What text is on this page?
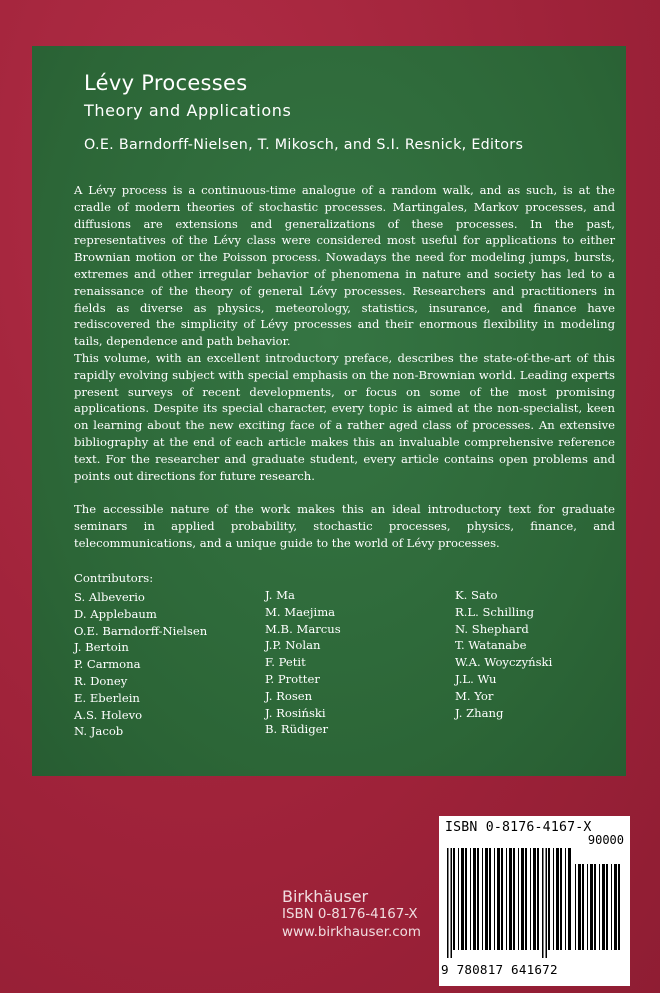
Lévy Processes
Theory and Applications
O.E. Barndorff-Nielsen, T. Mikosch, and S.I. Resnick, Editors

A Lévy process is a continuous-time analogue of a random walk, and as such, is at the cradle of modern theories of stochastic processes. Martingales, Markov processes, and diffusions are extensions and generalizations of these processes. In the past, representatives of the Lévy class were considered most useful for applications to either Brownian motion or the Poisson process. Nowadays the need for modeling jumps, bursts, extremes and other irregular behavior of phenomena in nature and society has led to a renaissance of the theory of general Lévy processes. Researchers and practitioners in fields as diverse as physics, meteorology, statistics, insurance, and finance have rediscovered the simplicity of Lévy processes and their enormous flexibility in modeling tails, dependence and path behavior.

This volume, with an excellent introductory preface, describes the state-of-the-art of this rapidly evolving subject with special emphasis on the non-Brownian world. Leading experts present surveys of recent developments, or focus on some of the most promising applications. Despite its special character, every topic is aimed at the non-specialist, keen on learning about the new exciting face of a rather aged class of processes. An extensive bibliography at the end of each article makes this an invaluable comprehensive reference text. For the researcher and graduate student, every article contains open problems and points out directions for future research.

The accessible nature of the work makes this an ideal introductory text for graduate seminars in applied probability, stochastic processes, physics, finance, and telecommunications, and a unique guide to the world of Lévy processes.

Contributors:
S. Albeverio
D. Applebaum
O.E. Barndorff-Nielsen
J. Bertoin
P. Carmona
R. Doney
E. Eberlein
A.S. Holevo
N. Jacob
J. Ma
M. Maejima
M.B. Marcus
J.P. Nolan
F. Petit
P. Protter
J. Rosen
J. Rosiński
B. Rüdiger
K. Sato
R.L. Schilling
N. Shephard
T. Watanabe
W.A. Woyczyński
J.L. Wu
M. Yor
J. Zhang
Birkhäuser
ISBN 0-8176-4167-X
www.birkhauser.com
ISBN 0-8176-4167-X
90000
9 780817 641672
